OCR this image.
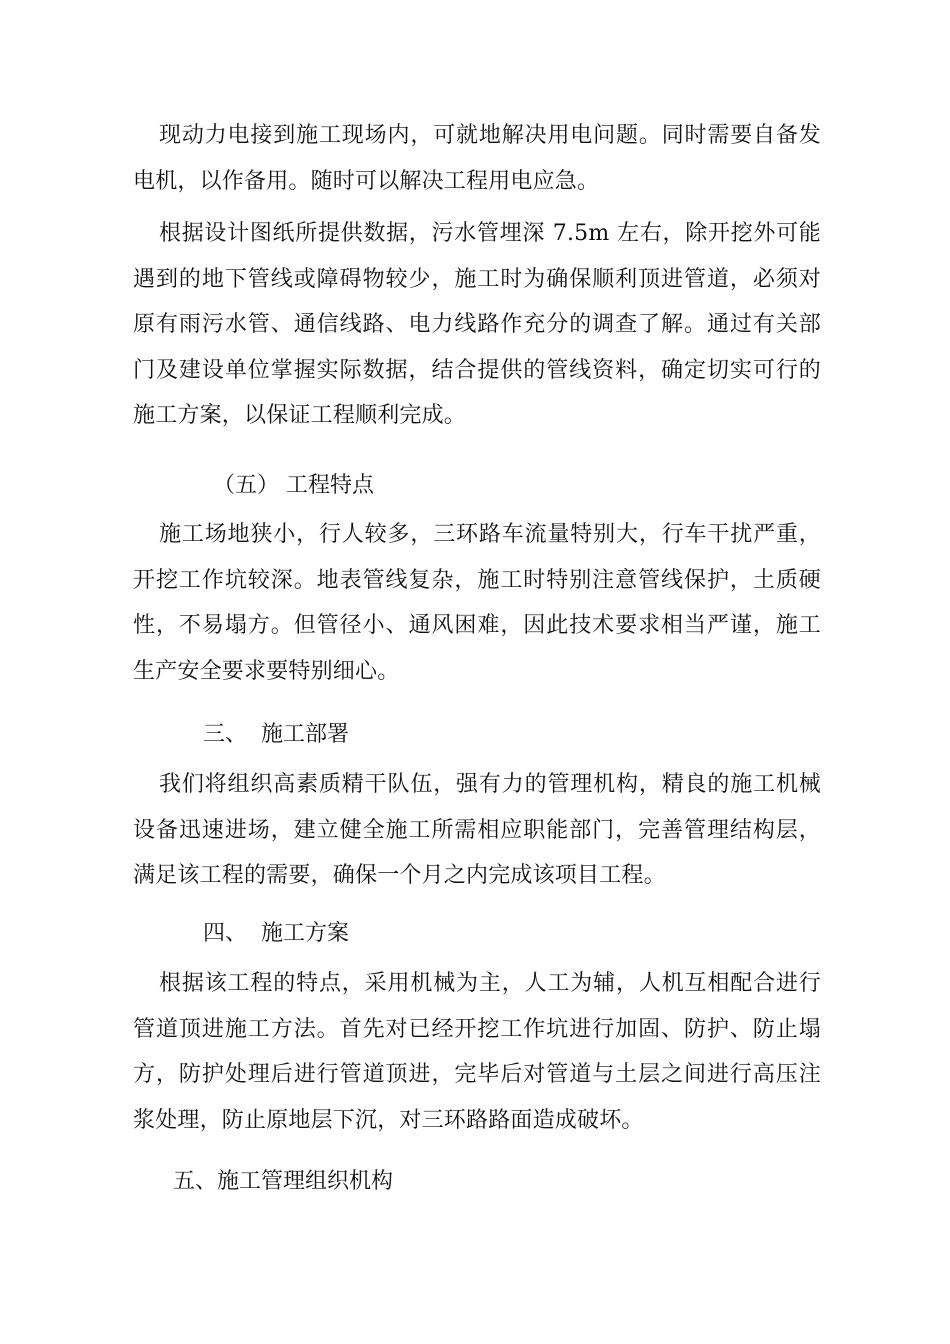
现动力电接到施工现场内，可就地解决用电问题。同时需要自备发电机，以作备用。随时可以解决工程用电应急。

根据设计图纸所提供数据，污水管埋深 7.5m 左右，除开挖外可能遇到的地下管线或障碍物较少，施工时为确保顺利顶进管道，必须对原有雨污水管、通信线路、电力线路作充分的调查了解。通过有关部门及建设单位掌握实际数据，结合提供的管线资料，确定切实可行的施工方案，以保证工程顺利完成。

（五） 工程特点

施工场地狭小，行人较多，三环路车流量特别大，行车干扰严重，开挖工作坑较深。地表管线复杂，施工时特别注意管线保护，土质硬性，不易塌方。但管径小、通风困难，因此技术要求相当严谨，施工生产安全要求要特别细心。

三、  施工部署

我们将组织高素质精干队伍，强有力的管理机构，精良的施工机械设备迅速进场，建立健全施工所需相应职能部门，完善管理结构层，满足该工程的需要，确保一个月之内完成该项目工程。

四、  施工方案

根据该工程的特点，采用机械为主，人工为辅，人机互相配合进行管道顶进施工方法。首先对已经开挖工作坑进行加固、防护、防止塌方，防护处理后进行管道顶进，完毕后对管道与土层之间进行高压注浆处理，防止原地层下沉，对三环路路面造成破坏。

五、施工管理组织机构
